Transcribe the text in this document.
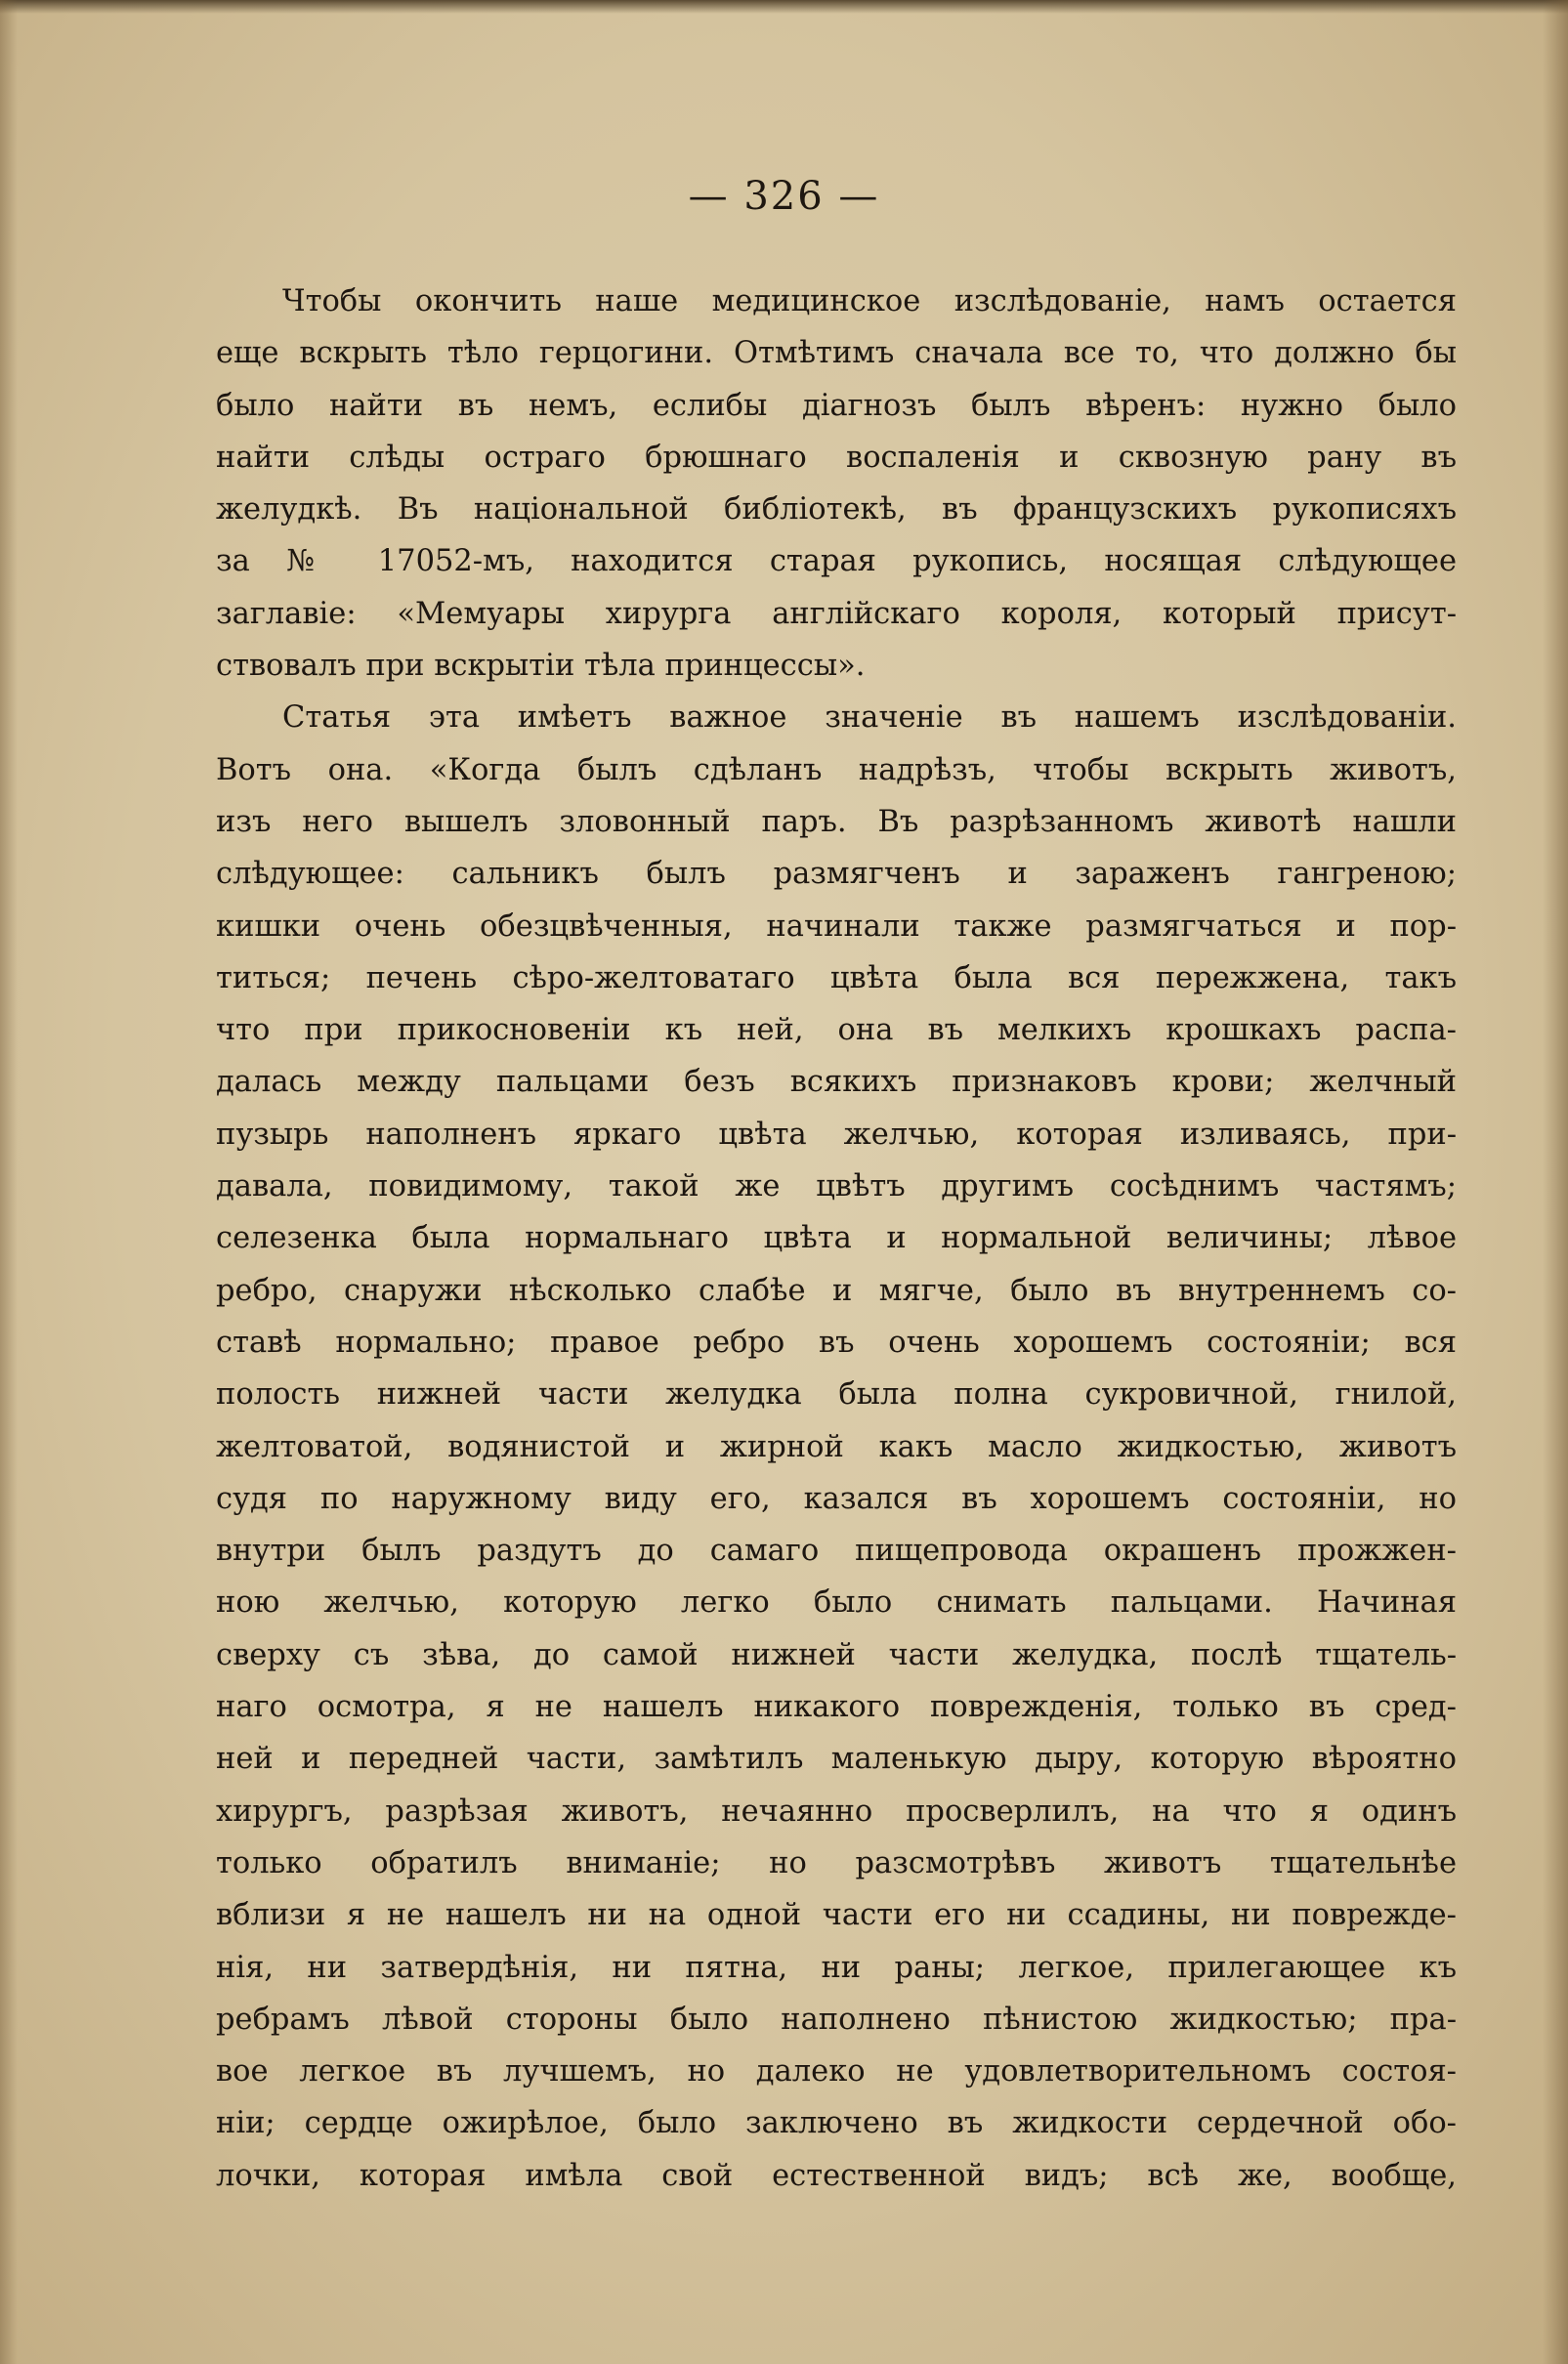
— 326 —
Чтобы окончить наше медицинское изслѣдованіе, намъ остается
еще вскрыть тѣло герцогини. Отмѣтимъ сначала все то, что должно бы
было найти въ немъ, еслибы діагнозъ былъ вѣренъ: нужно было
найти слѣды остраго брюшнаго воспаленія и сквозную рану въ
желудкѣ. Въ національной библіотекѣ, въ французскихъ рукописяхъ
за № 17052-мъ, находится старая рукопись, носящая слѣдующее
заглавіе: «Мемуары хирурга англійскаго короля, который присут-
ствовалъ при вскрытіи тѣла принцессы».
Статья эта имѣетъ важное значеніе въ нашемъ изслѣдованіи.
Вотъ она. «Когда былъ сдѣланъ надрѣзъ, чтобы вскрыть животъ,
изъ него вышелъ зловонный паръ. Въ разрѣзанномъ животѣ нашли
слѣдующее: сальникъ былъ размягченъ и зараженъ гангреною;
кишки очень обезцвѣченныя, начинали также размягчаться и пор-
титься; печень сѣро-желтоватаго цвѣта была вся пережжена, такъ
что при прикосновеніи къ ней, она въ мелкихъ крошкахъ распа-
далась между пальцами безъ всякихъ признаковъ крови; желчный
пузырь наполненъ яркаго цвѣта желчью, которая изливаясь, при-
давала, повидимому, такой же цвѣтъ другимъ сосѣднимъ частямъ;
селезенка была нормальнаго цвѣта и нормальной величины; лѣвое
ребро, снаружи нѣсколько слабѣе и мягче, было въ внутреннемъ со-
ставѣ нормально; правое ребро въ очень хорошемъ состояніи; вся
полость нижней части желудка была полна сукровичной, гнилой,
желтоватой, водянистой и жирной какъ масло жидкостью, животъ
судя по наружному виду его, казался въ хорошемъ состояніи, но
внутри былъ раздутъ до самаго пищепровода окрашенъ прожжен-
ною желчью, которую легко было снимать пальцами. Начиная
сверху съ зѣва, до самой нижней части желудка, послѣ тщатель-
наго осмотра, я не нашелъ никакого поврежденія, только въ сред-
ней и передней части, замѣтилъ маленькую дыру, которую вѣроятно
хирургъ, разрѣзая животъ, нечаянно просверлилъ, на что я одинъ
только обратилъ вниманіе; но разсмотрѣвъ животъ тщательнѣе
вблизи я не нашелъ ни на одной части его ни ссадины, ни поврежде-
нія, ни затвердѣнія, ни пятна, ни раны; легкое, прилегающее къ
ребрамъ лѣвой стороны было наполнено пѣнистою жидкостью; пра-
вое легкое въ лучшемъ, но далеко не удовлетворительномъ состоя-
ніи; сердце ожирѣлое, было заключено въ жидкости сердечной обо-
лочки, которая имѣла свой естественной видъ; всѣ же, вообще,
